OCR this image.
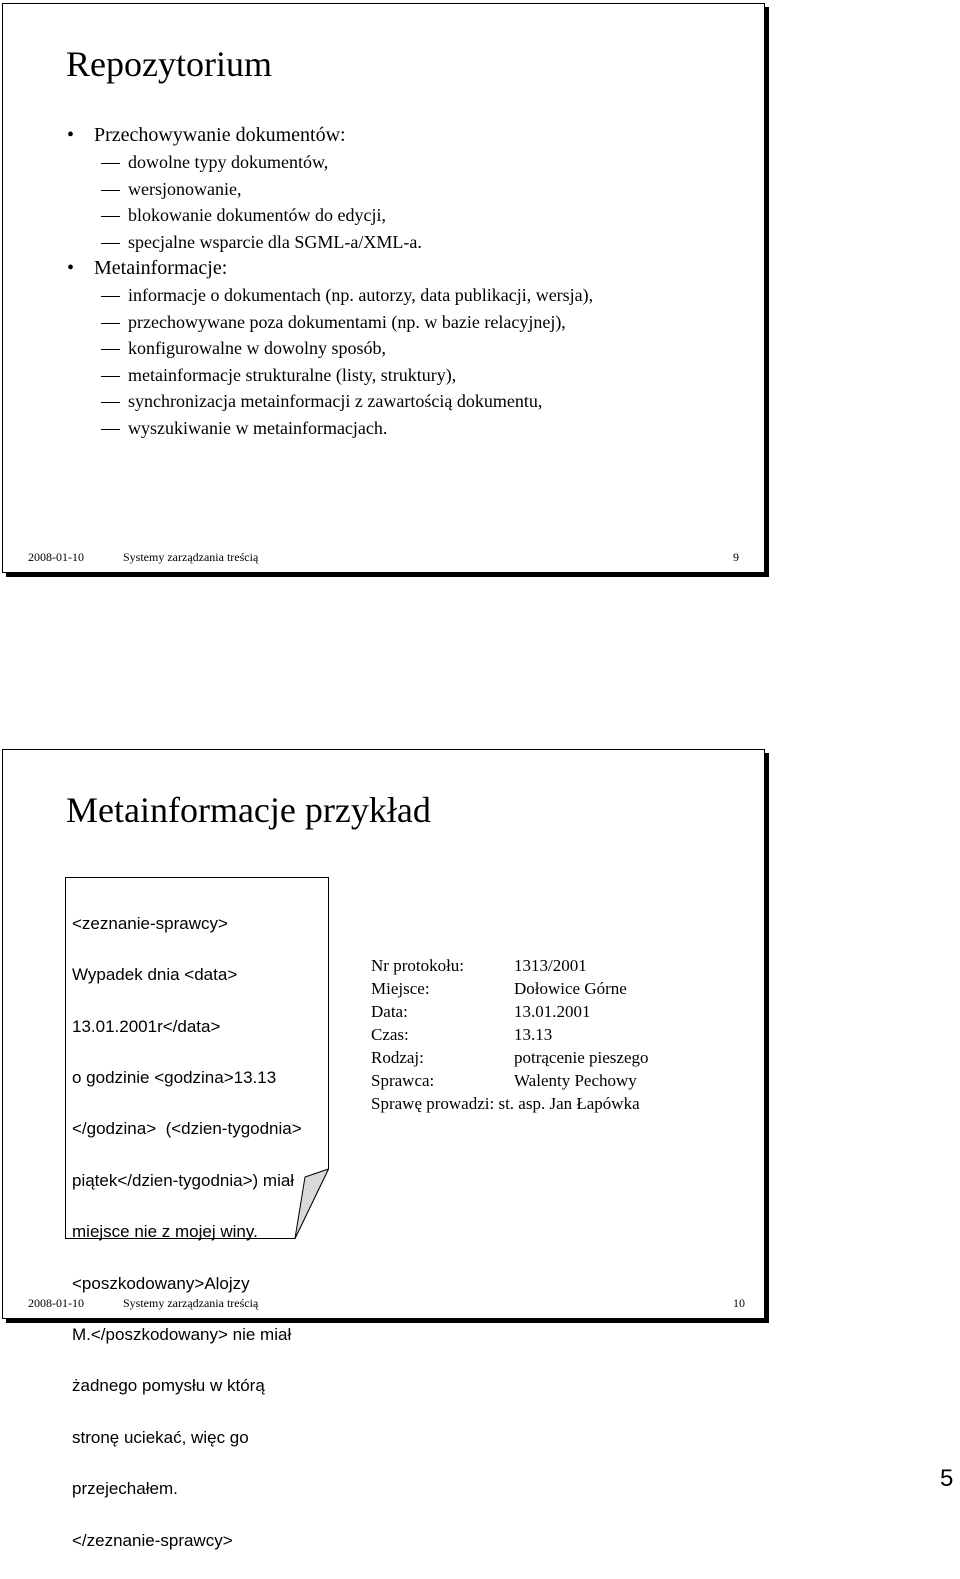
Repozytorium
• Przechowywanie dokumentów:
dowolne typy dokumentów,
wersjonowanie,
blokowanie dokumentów do edycji,
specjalne wsparcie dla SGML-a/XML-a.
• Metainformacje:
informacje o dokumentach (np. autorzy, data publikacji, wersja),
przechowywane poza dokumentami (np. w bazie relacyjnej),
konfigurowalne w dowolny sposób,
metainformacje strukturalne (listy, struktury),
synchronizacja metainformacji z zawartością dokumentu,
wyszukiwanie w metainformacjach.
2008-01-10	Systemy zarządzania treścią	9
Metainformacje przykład

<zeznanie-sprawcy>

Wypadek dnia <data>

13.01.2001r</data>

o godzinie <godzina>13.13

</godzina>  (<dzien-tygodnia>

piątek</dzien-tygodnia>) miał

miejsce nie z mojej winy.

<poszkodowany>Alojzy

M.</poszkodowany> nie miał

żadnego pomysłu w którą

stronę uciekać, więc go

przejechałem.

</zeznanie-sprawcy>

Nr protokołu:	1313/2001
Miejsce:	Dołowice Górne
Data:	13.01.2001
Czas:	13.13
Rodzaj:	potrącenie pieszego
Sprawca:	Walenty Pechowy
Sprawę prowadzi: st. asp. Jan Łapówka
2008-01-10	Systemy zarządzania treścią	10
5
